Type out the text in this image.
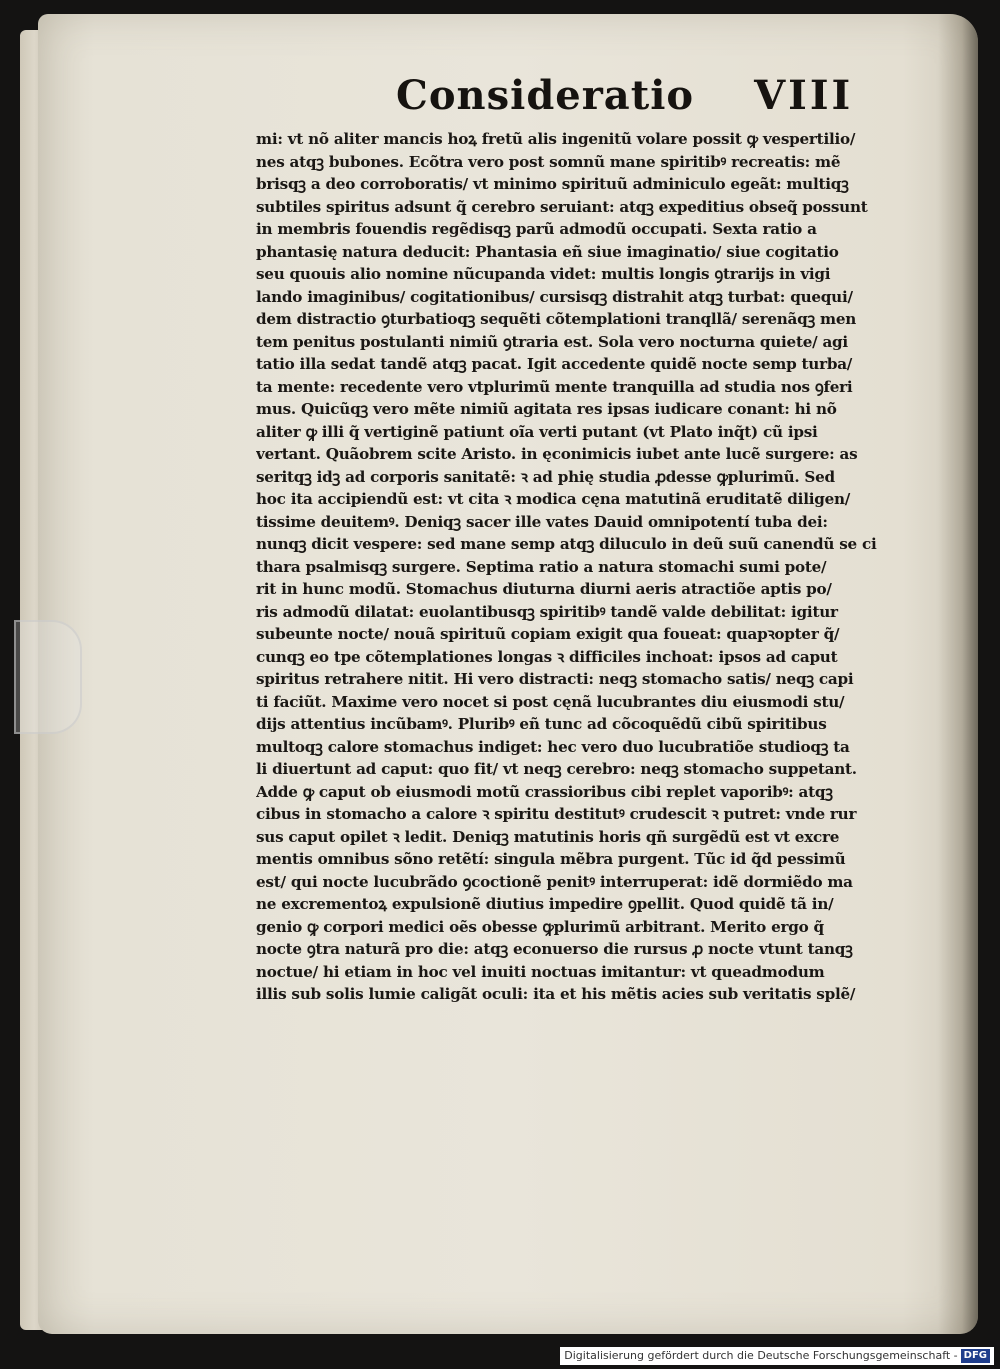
Consideratio VIII
mi: vt nõ aliter mancis hoꝝ fretũ alis ingenitũ volare possit ꝙ vespertilio/
nes atqꝫ bubones. Ecõtra vero post somnũ mane spiritibꝰ recreatis: mẽ
brisqꝫ a deo corroboratis/ vt minimo spirituũ adminiculo egeãt: multiqꝫ
subtiles spiritus adsunt q̃ cerebro seruiant: atqꝫ expeditius obseq̃ possunt
in membris fouendis regẽdisqꝫ parũ admodũ occupati. Sexta ratio a
phantasię natura deducit: Phantasia eñ siue imaginatio/ siue cogitatio
seu quouis alio nomine nũcupanda videt: multis longis ꝯtrarijs in vigi
lando imaginibus/ cogitationibus/ cursisqꝫ distrahit atqꝫ turbat: quequi/
dem distractio ꝯturbatioqꝫ sequẽti cõtemplationi tranqllã/ serenãqꝫ men
tem penitus postulanti nimiũ ꝯtraria est. Sola vero nocturna quiete/ agi
tatio illa sedat tandẽ atqꝫ pacat. Igit accedente quidẽ nocte semp turba/
ta mente: recedente vero vtplurimũ mente tranquilla ad studia nos ꝯferi
mus. Quicũqꝫ vero mẽte nimiũ agitata res ipsas iudicare conant: hi nõ
aliter ꝙ illi q̃ vertiginẽ patiunt oĩa verti putant (vt Plato inq̃t) cũ ipsi
vertant. Quãobrem scite Aristo. in ęconimicis iubet ante lucẽ surgere: as
seritqꝫ idꝫ ad corporis sanitatẽ: ꝛ ad phię studia ꝓdesse ꝙplurimũ. Sed
hoc ita accipiendũ est: vt cita ꝛ modica cęna matutinã eruditatẽ diligen/
tissime deuitemꝰ. Deniqꝫ sacer ille vates Dauid omnipotentí tuba dei:
nunqꝫ dicit vespere: sed mane semp atqꝫ diluculo in deũ suũ canendũ se ci
thara psalmisqꝫ surgere. Septima ratio a natura stomachi sumi pote/
rit in hunc modũ. Stomachus diuturna diurni aeris atractiõe aptis po/
ris admodũ dilatat: euolantibusqꝫ spiritibꝰ tandẽ valde debilitat: igitur
subeunte nocte/ nouã spirituũ copiam exigit qua foueat: quapꝛopter q̃/
cunqꝫ eo tpe cõtemplationes longas ꝛ difficiles inchoat: ipsos ad caput
spiritus retrahere nitit. Hi vero distracti: neqꝫ stomacho satis/ neqꝫ capi
ti faciũt. Maxime vero nocet si post cęnã lucubrantes diu eiusmodi stu/
dijs attentius incũbamꝰ. Pluribꝰ eñ tunc ad cõcoquẽdũ cibũ spiritibus
multoqꝫ calore stomachus indiget: hec vero duo lucubratiõe studioqꝫ ta
li diuertunt ad caput: quo fit/ vt neqꝫ cerebro: neqꝫ stomacho suppetant.
Adde ꝙ caput ob eiusmodi motũ crassioribus cibi replet vaporibꝰ: atqꝫ
cibus in stomacho a calore ꝛ spiritu destitutꝰ crudescit ꝛ putret: vnde rur
sus caput opilet ꝛ ledit. Deniqꝫ matutinis horis qñ surgẽdũ est vt excre
mentis omnibus sõno retẽtí: singula mẽbra purgent. Tũc id q̃d pessimũ
est/ qui nocte lucubrãdo ꝯcoctionẽ penitꝰ interruperat: idẽ dormiẽdo ma
ne excrementoꝝ expulsionẽ diutius impedire ꝯpellit. Quod quidẽ tã in/
genio ꝙ corpori medici oẽs obesse ꝙplurimũ arbitrant. Merito ergo q̃
nocte ꝯtra naturã pro die: atqꝫ econuerso die rursus ꝓ nocte vtunt tanqꝫ
noctue/ hi etiam in hoc vel inuiti noctuas imitantur: vt queadmodum
illis sub solis lumie caligãt oculi: ita et his mẽtis acies sub veritatis splẽ/
Digitalisierung gefördert durch die Deutsche Forschungsgemeinschaft - DFG
